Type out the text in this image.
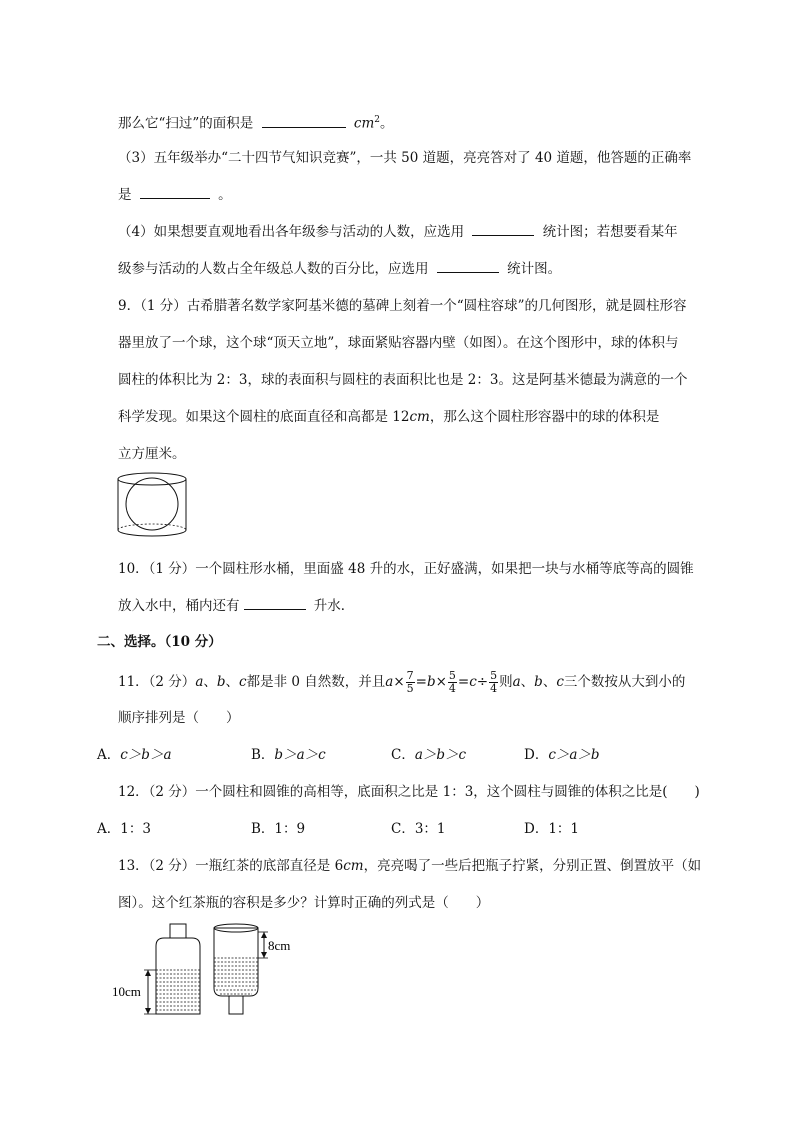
那么它“扫过”的面积是	$cm^2$。
（3）五年级举办“二十四节气知识竞赛”，一共 50 道题，亮亮答对了 40 道题，他答题的正确率
是	。
（4）如果想要直观地看出各年级参与活动的人数，应选用	统计图；若想要看某年
级参与活动的人数占全年级总人数的百分比，应选用	统计图。
9．（1 分）古希腊著名数学家阿基米德的墓碑上刻着一个“圆柱容球”的几何图形，就是圆柱形容
器里放了一个球，这个球“顶天立地”，球面紧贴容器内壁（如图）。在这个图形中，球的体积与
圆柱的体积比为 2：3，球的表面积与圆柱的表面积比也是 2：3。这是阿基米德最为满意的一个
科学发现。如果这个圆柱的底面直径和高都是 12cm，那么这个圆柱形容器中的球的体积是
立方厘米。
10．（1 分）一个圆柱形水桶，里面盛 48 升的水，正好盛满，如果把一块与水桶等底等高的圆锥
放入水中，桶内还有	升水．
二、选择。（10 分）
11．（2 分）a、b、c都是非 0 自然数，并且$a\times \frac{7}{5} =b\times \frac{5}{4} =c\div \frac{5}{4}$ 则a、b、c三个数按从大到小的
顺序排列是（　　）
A．c＞b＞a	B．b＞a＞c	C．a＞b＞c	D．c＞a＞b
12．（2 分）一个圆柱和圆锥的高相等，底面积之比是 1：3，这个圆柱与圆锥的体积之比是(　　)
A．1：3	B．1：9	C．3：1	D．1：1
13．（2 分）一瓶红茶的底部直径是 6cm，亮亮喝了一些后把瓶子拧紧，分别正置、倒置放平（如
图）。这个红茶瓶的容积是多少？计算时正确的列式是（　　）
10cm
8cm
